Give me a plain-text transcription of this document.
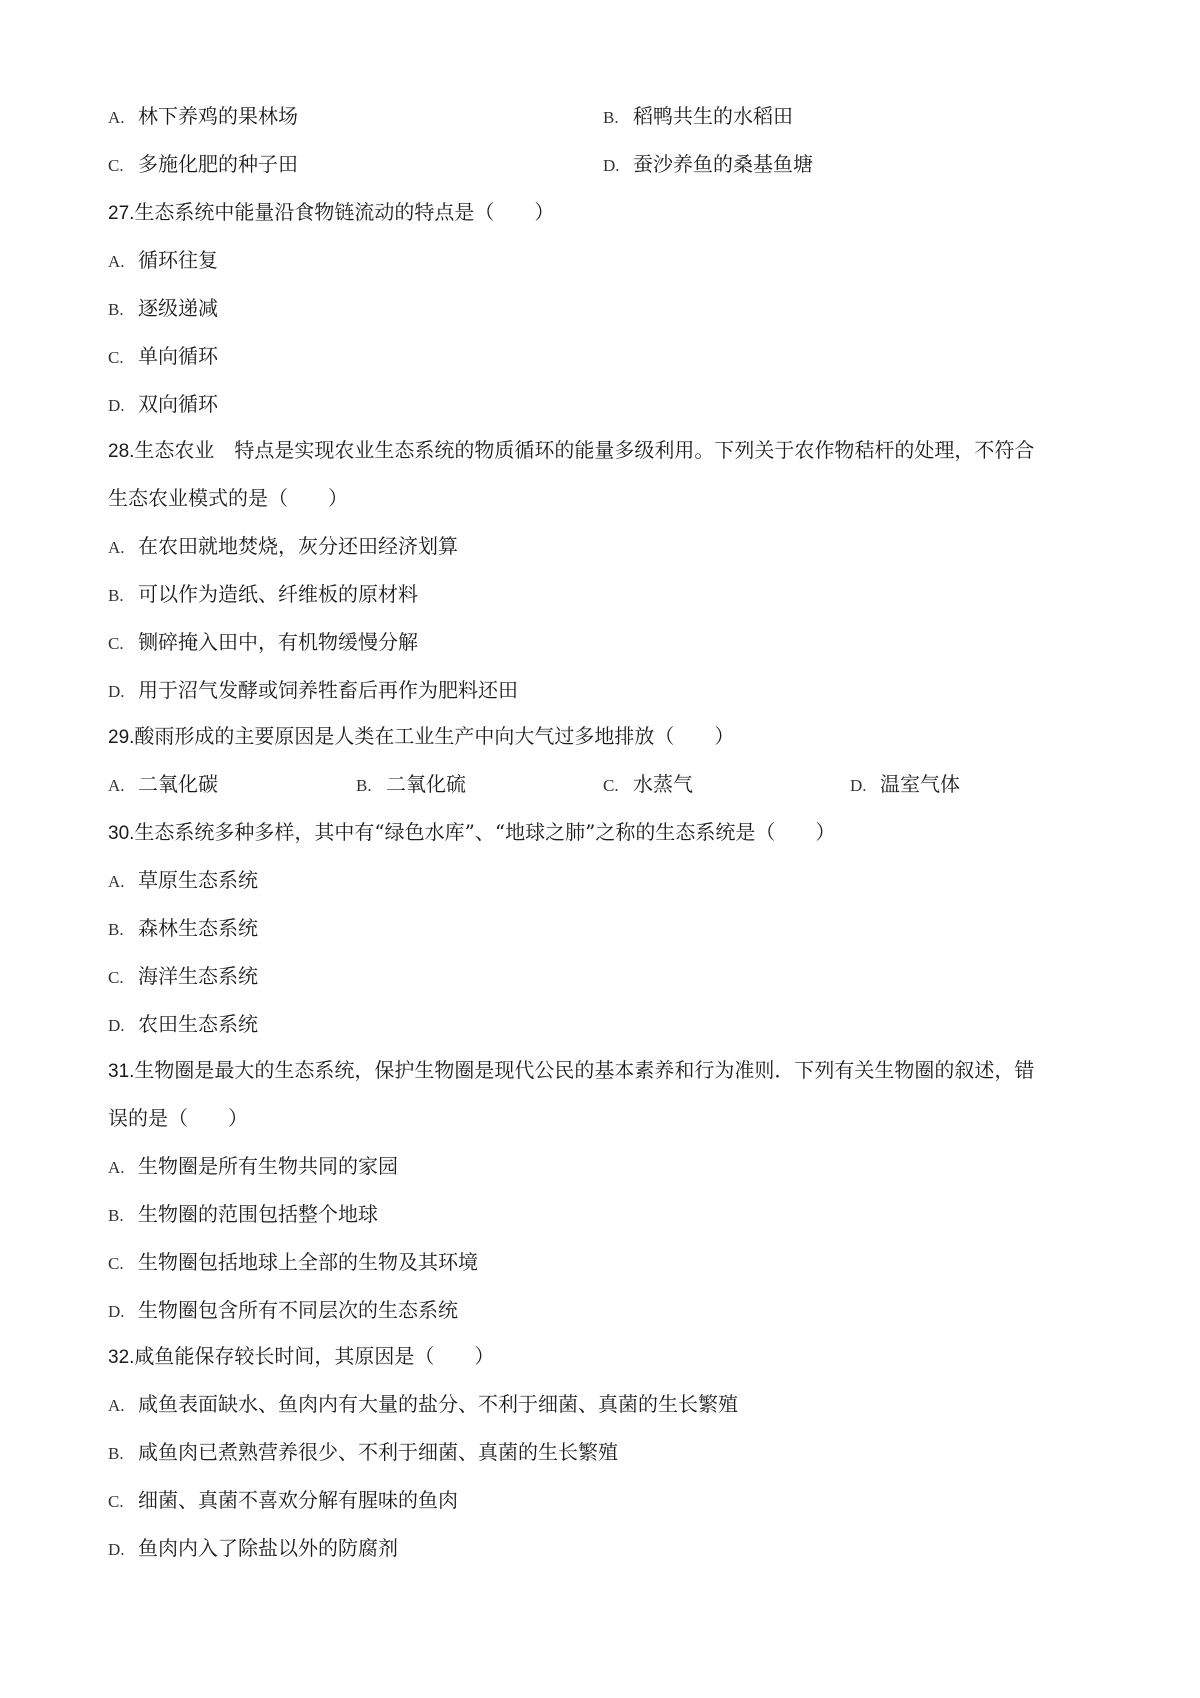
A. 林下养鸡的果林场	B. 稻鸭共生的水稻田
C. 多施化肥的种子田	D. 蚕沙养鱼的桑基鱼塘
27.生态系统中能量沿食物链流动的特点是（　　）
A. 循环往复
B. 逐级递减
C. 单向循环
D. 双向循环
28.生态农业　特点是实现农业生态系统的物质循环的能量多级利用。下列关于农作物秸杆的处理，不符合
生态农业模式的是（　　）
A. 在农田就地焚烧，灰分还田经济划算
B. 可以作为造纸、纤维板的原材料
C. 铡碎掩入田中，有机物缓慢分解
D. 用于沼气发酵或饲养牲畜后再作为肥料还田
29.酸雨形成的主要原因是人类在工业生产中向大气过多地排放（　　）
A. 二氧化碳	B. 二氧化硫	C. 水蒸气	D. 温室气体
30.生态系统多种多样，其中有“绿色水库”、“地球之肺”之称的生态系统是（　　）
A. 草原生态系统
B. 森林生态系统
C. 海洋生态系统
D. 农田生态系统
31.生物圈是最大的生态系统，保护生物圈是现代公民的基本素养和行为准则．下列有关生物圈的叙述，错
误的是（　　）
A. 生物圈是所有生物共同的家园
B. 生物圈的范围包括整个地球
C. 生物圈包括地球上全部的生物及其环境
D. 生物圈包含所有不同层次的生态系统
32.咸鱼能保存较长时间，其原因是（　　）
A. 咸鱼表面缺水、鱼肉内有大量的盐分、不利于细菌、真菌的生长繁殖
B. 咸鱼肉已煮熟营养很少、不利于细菌、真菌的生长繁殖
C. 细菌、真菌不喜欢分解有腥味的鱼肉
D. 鱼肉内入了除盐以外的防腐剂
